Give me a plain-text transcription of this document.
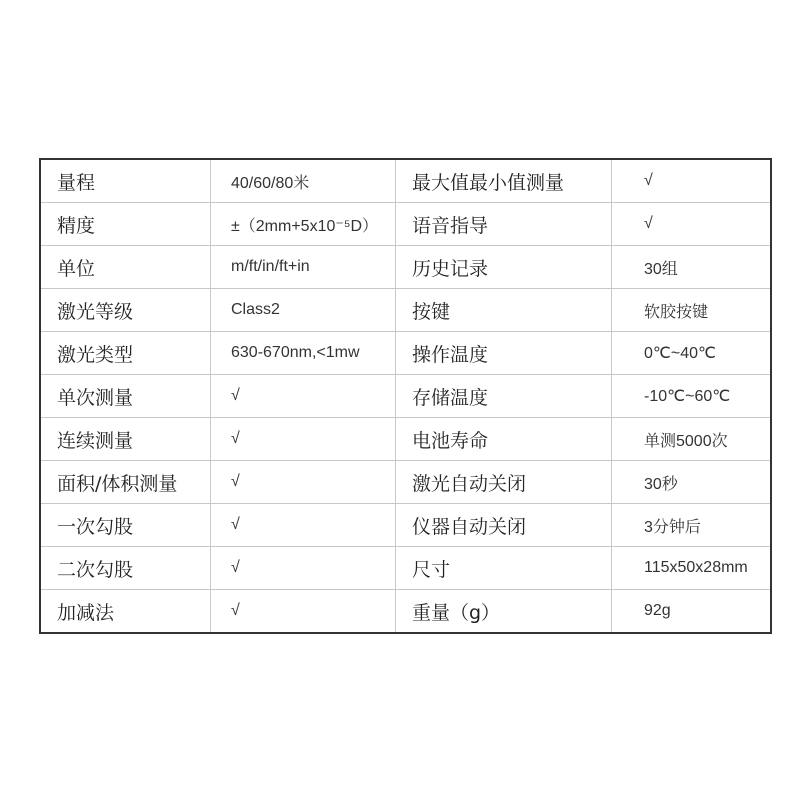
量程	40/60/80米	最大值最小值测量	√
精度	±（2mm+5x10⁻⁵D）	语音指导	√
单位	m/ft/in/ft+in	历史记录	30组
激光等级	Class2	按键	软胶按键
激光类型	630-670nm,<1mw	操作温度	0℃~40℃
单次测量	√	存储温度	-10℃~60℃
连续测量	√	电池寿命	单测5000次
面积/体积测量	√	激光自动关闭	30秒
一次勾股	√	仪器自动关闭	3分钟后
二次勾股	√	尺寸	115x50x28mm
加减法	√	重量（g）	92g
